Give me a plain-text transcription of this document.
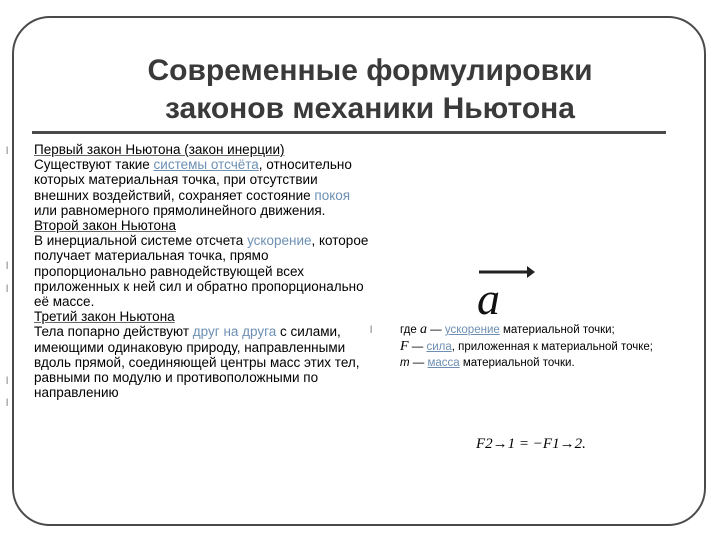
Современные формулировки
законов механики Ньютона
l
l
l
l
l

Первый закон Ньютона (закон инерции)

Существуют такие системы отсчёта, относительно которых материальная точка, при отсутствии внешних воздействий, сохраняет состояние покоя или равномерного прямолинейного движения.

Второй закон Ньютона

В инерциальной системе отсчета ускорение, которое получает материальная точка, прямо пропорционально равнодействующей всех приложенных к ней сил и обратно пропорционально её массе.

Третий закон Ньютона

Тела попарно действуют друг на друга с силами, имеющими одинаковую природу, направленными вдоль прямой, соединяющей центры масс этих тел, равными по модулю и противоположными по направлению

a
l где a — ускорение материальной точки;

F — сила, приложенная к материальной точке;

m — масса материальной точки.

F2→1 = −F1→2.
